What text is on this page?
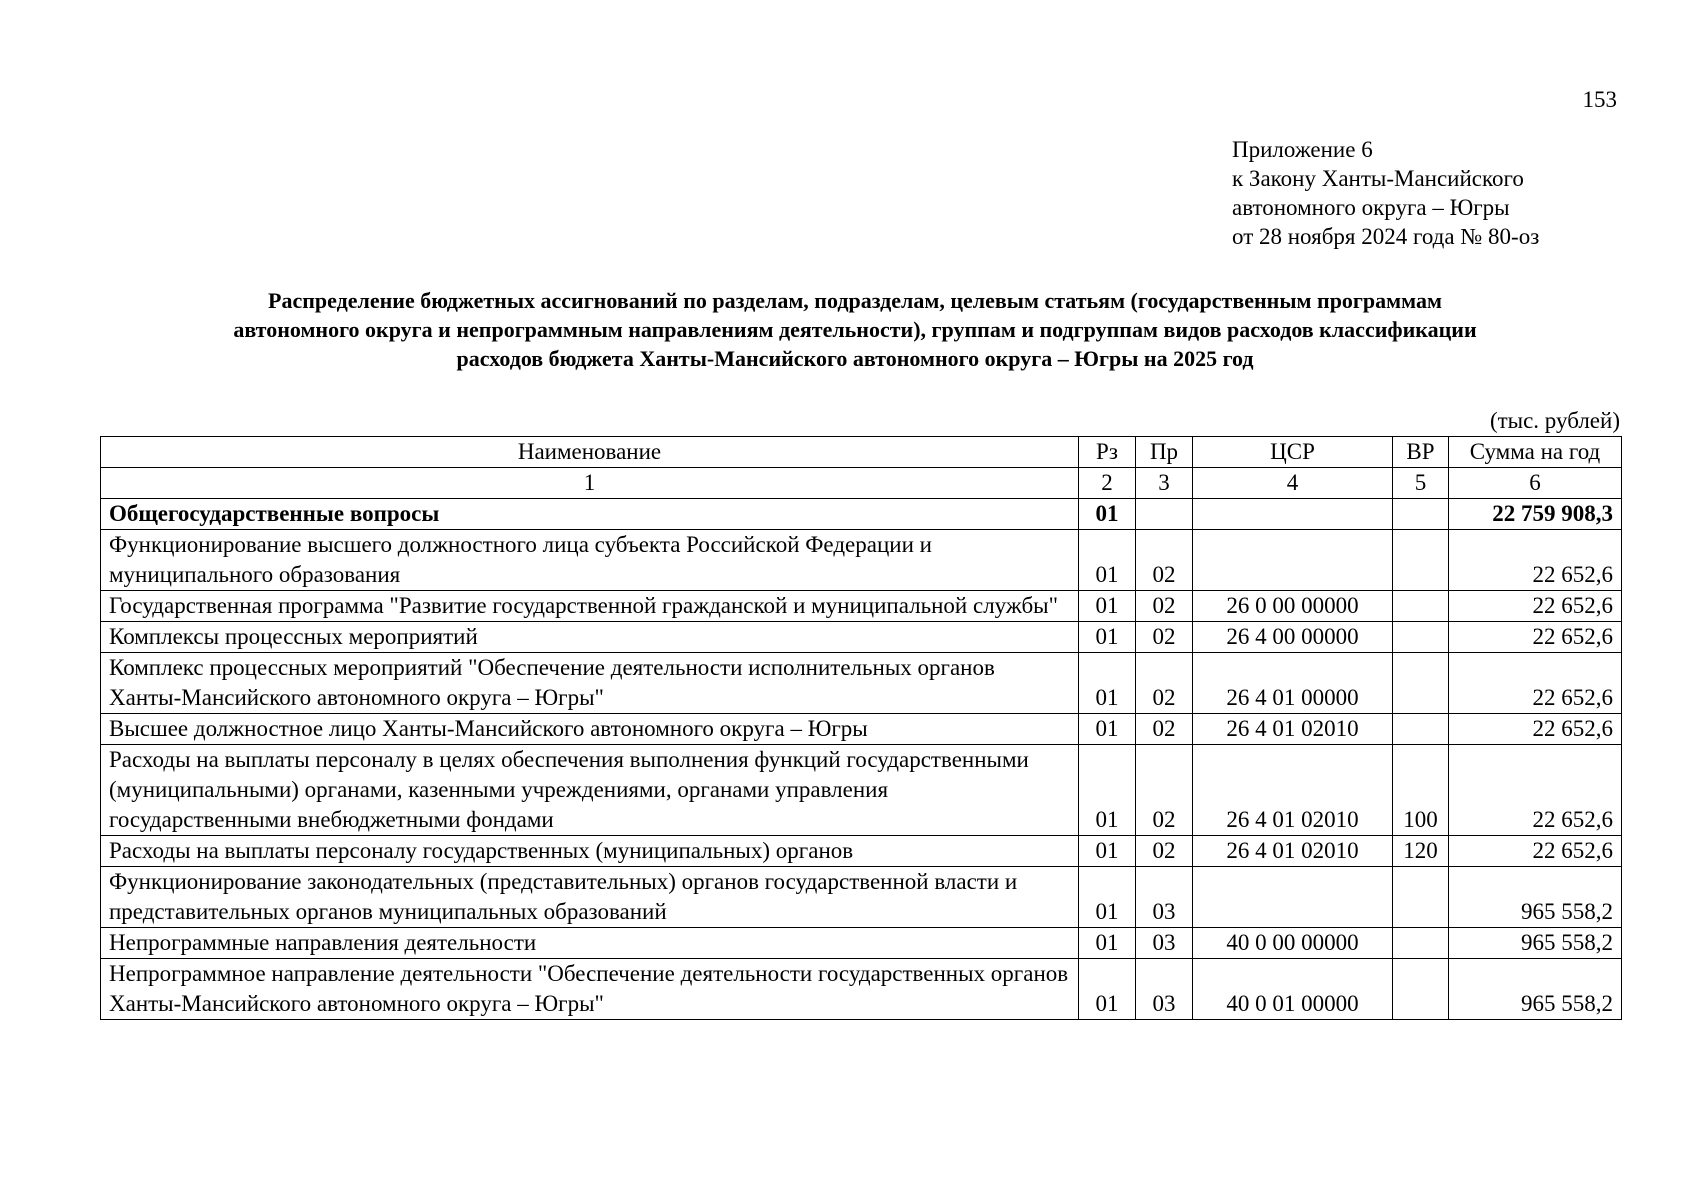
153
Приложение 6
к Закону Ханты-Мансийского
автономного округа – Югры
от 28 ноября 2024 года № 80-оз
Распределение бюджетных ассигнований по разделам, подразделам, целевым статьям (государственным программам
автономного округа и непрограммным направлениям деятельности), группам и подгруппам видов расходов классификации
расходов бюджета Ханты-Мансийского автономного округа – Югры на 2025 год
(тыс. рублей)
Наименование	Рз	Пр	ЦСР	ВР	Сумма на год
1	2	3	4	5	6
Общегосударственные вопросы	01				22 759 908,3
Функционирование высшего должностного лица субъекта Российской Федерации и муниципального образования	01	02			22 652,6
Государственная программа "Развитие государственной гражданской и муниципальной службы"	01	02	26 0 00 00000		22 652,6
Комплексы процессных мероприятий	01	02	26 4 00 00000		22 652,6
Комплекс процессных мероприятий "Обеспечение деятельности исполнительных органов Ханты-Мансийского автономного округа – Югры"	01	02	26 4 01 00000		22 652,6
Высшее должностное лицо Ханты-Мансийского автономного округа – Югры	01	02	26 4 01 02010		22 652,6
Расходы на выплаты персоналу в целях обеспечения выполнения функций государственными (муниципальными) органами, казенными учреждениями, органами управления государственными внебюджетными фондами	01	02	26 4 01 02010	100	22 652,6
Расходы на выплаты персоналу государственных (муниципальных) органов	01	02	26 4 01 02010	120	22 652,6
Функционирование законодательных (представительных) органов государственной власти и представительных органов муниципальных образований	01	03			965 558,2
Непрограммные направления деятельности	01	03	40 0 00 00000		965 558,2
Непрограммное направление деятельности "Обеспечение деятельности государственных органов Ханты-Мансийского автономного округа – Югры"	01	03	40 0 01 00000		965 558,2
